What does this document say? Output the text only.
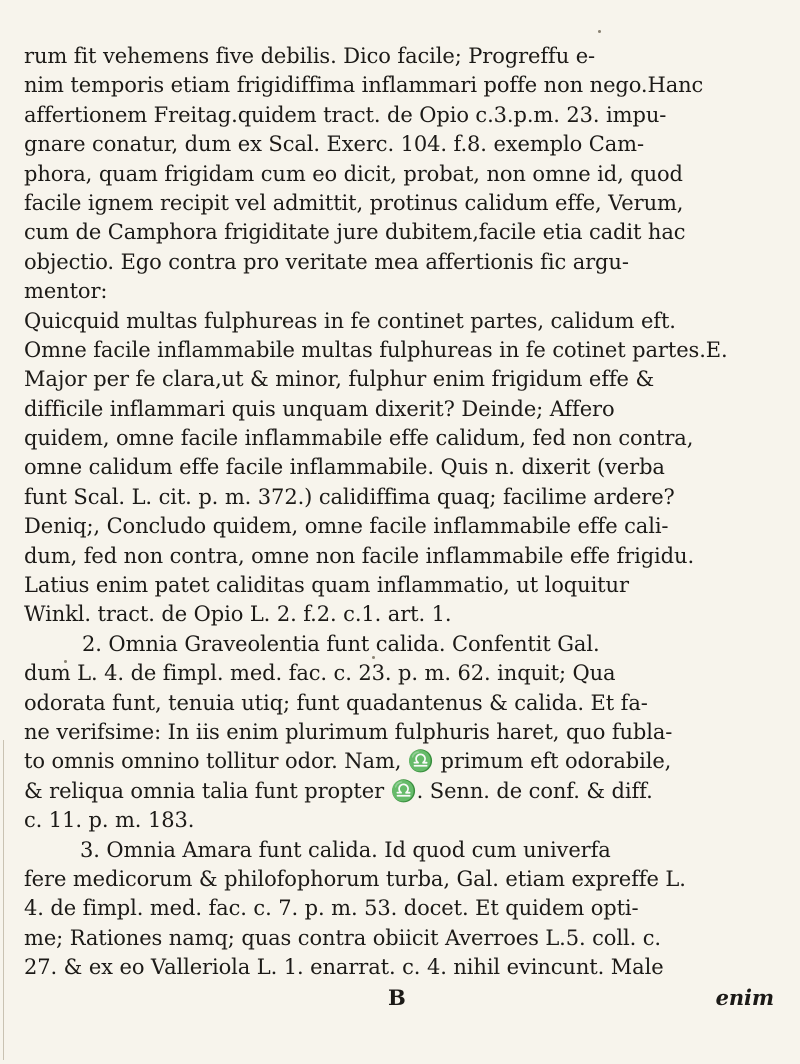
rum fit vehemens five debilis. Dico facile; Progreffu e-
nim temporis etiam frigidiffima inflammari poffe non nego.Hanc
affertionem Freitag.quidem tract. de Opio c.3.p.m. 23. impu-
gnare conatur, dum ex Scal. Exerc. 104. f.8. exemplo Cam-
phora, quam frigidam cum eo dicit, probat, non omne id, quod
facile ignem recipit vel admittit, protinus calidum effe, Verum,
cum de Camphora frigiditate jure dubitem,facile etia cadit hac
objectio. Ego contra pro veritate mea affertionis fic argu-
mentor:
Quicquid multas fulphureas in fe continet partes, calidum eft.
Omne facile inflammabile multas fulphureas in fe cotinet partes.E.
Major per fe clara,ut & minor, fulphur enim frigidum effe &
difficile inflammari quis unquam dixerit? Deinde; Affero
quidem, omne facile inflammabile effe calidum, fed non contra,
omne calidum effe facile inflammabile. Quis n. dixerit (verba
funt Scal. L. cit. p. m. 372.) calidiffima quaq; facilime ardere?
Deniq;, Concludo quidem, omne facile inflammabile effe cali-
dum, fed non contra, omne non facile inflammabile effe frigidu.
Latius enim patet caliditas quam inflammatio, ut loquitur
Winkl. tract. de Opio L. 2. f.2. c.1. art. 1.
2. Omnia Graveolentia funt calida. Confentit Gal.
dum L. 4. de fimpl. med. fac. c. 23. p. m. 62. inquit; Qua
odorata funt, tenuia utiq; funt quadantenus & calida. Et fa-
ne verifsime: In iis enim plurimum fulphuris haret, quo fubla-
to omnis omnino tollitur odor. Nam, ♎ primum eft odorabile,
& reliqua omnia talia funt propter ♎. Senn. de conf. & diff.
c. 11. p. m. 183.
3. Omnia Amara funt calida. Id quod cum univerfa
fere medicorum & philofophorum turba, Gal. etiam expreffe L.
4. de fimpl. med. fac. c. 7. p. m. 53. docet. Et quidem opti-
me; Rationes namq; quas contra obiicit Averroes L.5. coll. c.
27. & ex eo Valleriola L. 1. enarrat. c. 4. nihil evincunt. Male
B	enim
